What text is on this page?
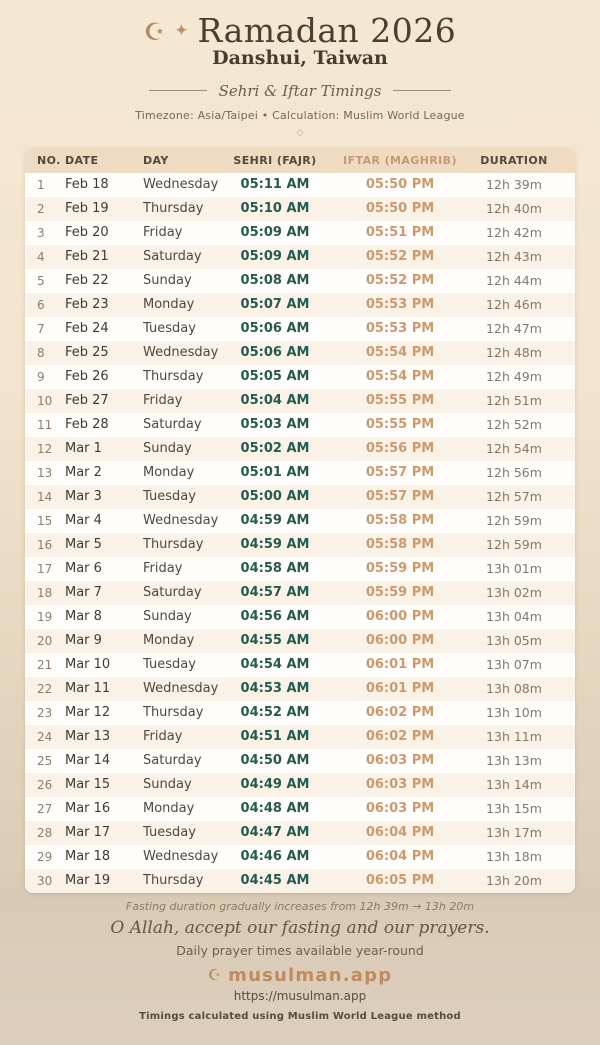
☪ ✦ Ramadan 2026
Danshui, Taiwan
Sehri & Iftar Timings
Timezone: Asia/Taipei • Calculation: Muslim World League
◇
NO. DATE	DAY	SEHRI (FAJR)	IFTAR (MAGHRIB)	DURATION
1	Feb 18	Wednesday	05:11 AM	05:50 PM	12h 39m
2	Feb 19	Thursday	05:10 AM	05:50 PM	12h 40m
3	Feb 20	Friday	05:09 AM	05:51 PM	12h 42m
4	Feb 21	Saturday	05:09 AM	05:52 PM	12h 43m
5	Feb 22	Sunday	05:08 AM	05:52 PM	12h 44m
6	Feb 23	Monday	05:07 AM	05:53 PM	12h 46m
7	Feb 24	Tuesday	05:06 AM	05:53 PM	12h 47m
8	Feb 25	Wednesday	05:06 AM	05:54 PM	12h 48m
9	Feb 26	Thursday	05:05 AM	05:54 PM	12h 49m
10 Feb 27	Friday	05:04 AM	05:55 PM	12h 51m
11 Feb 28	Saturday	05:03 AM	05:55 PM	12h 52m
12 Mar 1	Sunday	05:02 AM	05:56 PM	12h 54m
13 Mar 2	Monday	05:01 AM	05:57 PM	12h 56m
14 Mar 3	Tuesday	05:00 AM	05:57 PM	12h 57m
15 Mar 4	Wednesday	04:59 AM	05:58 PM	12h 59m
16 Mar 5	Thursday	04:59 AM	05:58 PM	12h 59m
17 Mar 6	Friday	04:58 AM	05:59 PM	13h 01m
18 Mar 7	Saturday	04:57 AM	05:59 PM	13h 02m
19 Mar 8	Sunday	04:56 AM	06:00 PM	13h 04m
20 Mar 9	Monday	04:55 AM	06:00 PM	13h 05m
21 Mar 10	Tuesday	04:54 AM	06:01 PM	13h 07m
22 Mar 11	Wednesday	04:53 AM	06:01 PM	13h 08m
23 Mar 12	Thursday	04:52 AM	06:02 PM	13h 10m
24 Mar 13	Friday	04:51 AM	06:02 PM	13h 11m
25 Mar 14	Saturday	04:50 AM	06:03 PM	13h 13m
26 Mar 15	Sunday	04:49 AM	06:03 PM	13h 14m
27 Mar 16	Monday	04:48 AM	06:03 PM	13h 15m
28 Mar 17	Tuesday	04:47 AM	06:04 PM	13h 17m
29 Mar 18	Wednesday	04:46 AM	06:04 PM	13h 18m
30 Mar 19	Thursday	04:45 AM	06:05 PM	13h 20m
Fasting duration gradually increases from 12h 39m → 13h 20m
O Allah, accept our fasting and our prayers.
Daily prayer times available year-round
☪ musulman.app
https://musulman.app
Timings calculated using Muslim World League method
